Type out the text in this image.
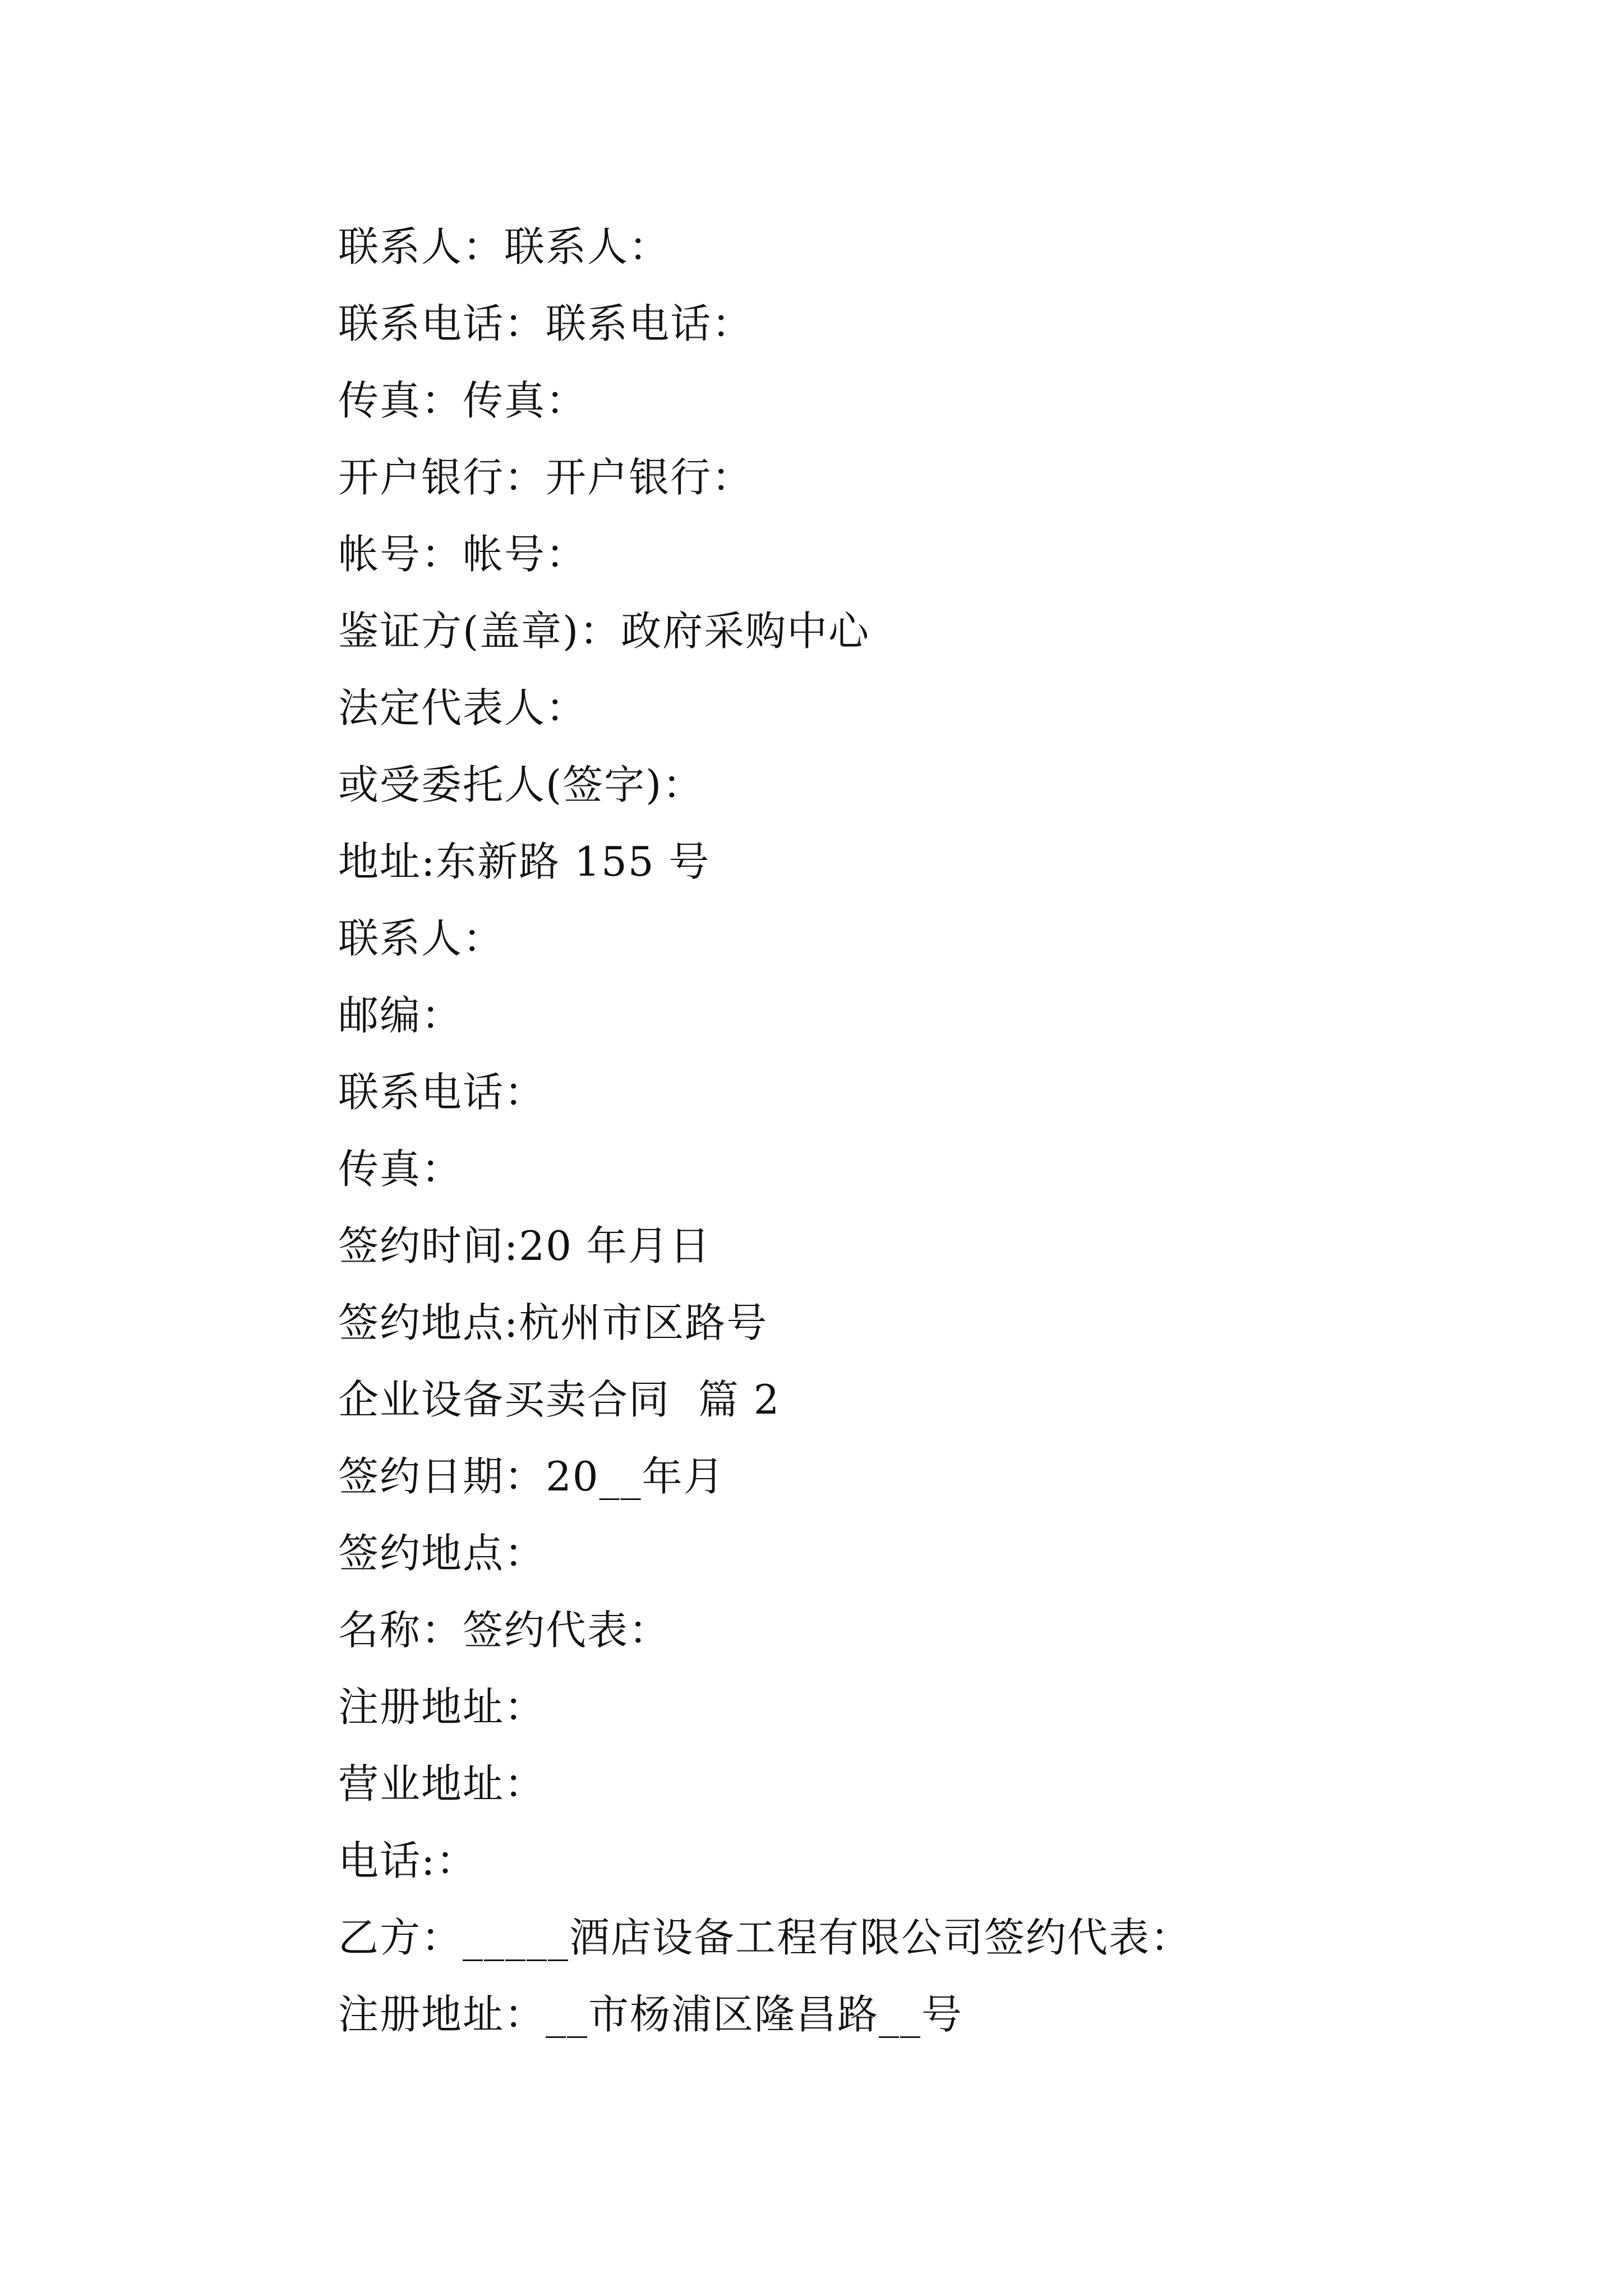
联系人：联系人：
联系电话：联系电话：
传真：传真：
开户银行：开户银行：
帐号：帐号：
鉴证方(盖章)：政府采购中心
法定代表人：
或受委托人(签字)：
地址:东新路 155 号
联系人：
邮编：
联系电话：
传真：
签约时间:20 年月日
签约地点:杭州市区路号
企业设备买卖合同  篇 2
签约日期：20__年月
签约地点：
名称：签约代表：
注册地址：
营业地址：
电话:：
乙方：_____酒店设备工程有限公司签约代表：
注册地址：__市杨浦区隆昌路__号
